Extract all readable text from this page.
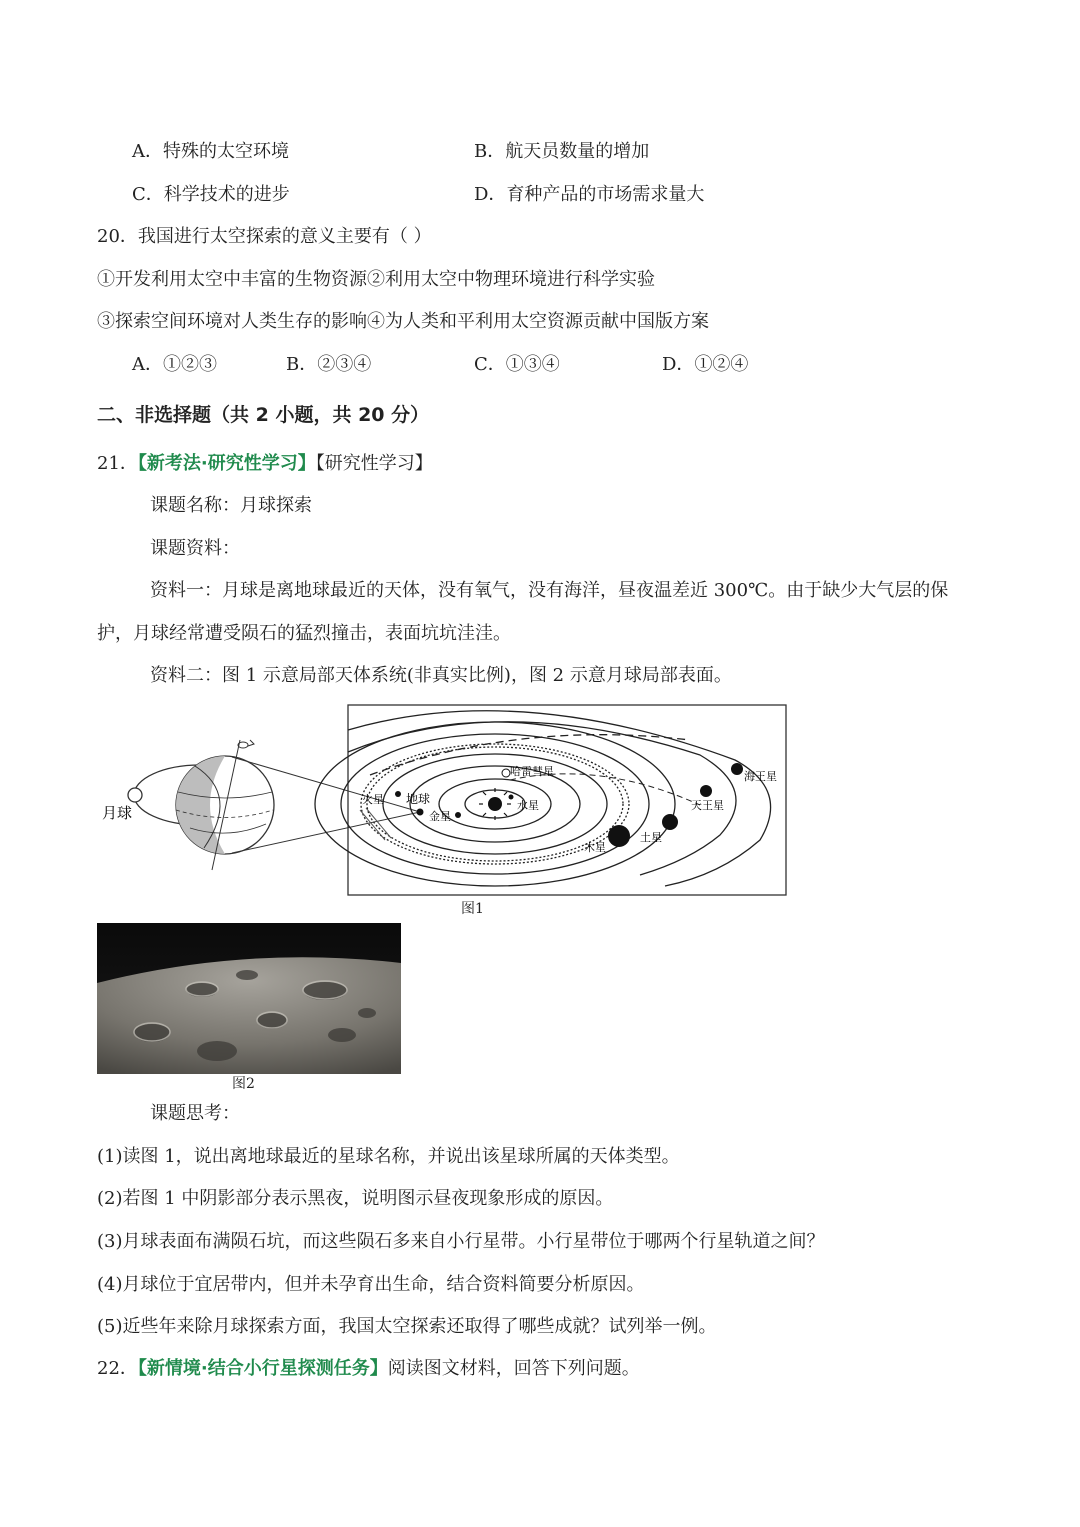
A．特殊的太空环境	B．航天员数量的增加
C．科学技术的进步	D．育种产品的市场需求量大
20．我国进行太空探索的意义主要有（ ）
①开发利用太空中丰富的生物资源②利用太空中物理环境进行科学实验
③探索空间环境对人类生存的影响④为人类和平利用太空资源贡献中国版方案
A．①②③	B．②③④	C．①③④	D．①②④
二、非选择题（共 2 小题，共 20 分）
21．【新考法·研究性学习】【研究性学习】
课题名称：月球探索
课题资料：
资料一：月球是离地球最近的天体，没有氧气，没有海洋，昼夜温差近 300℃。由于缺少大气层的保
护，月球经常遭受陨石的猛烈撞击，表面坑坑洼洼。
资料二：图 1 示意局部天体系统(非真实比例)，图 2 示意月球局部表面。
哈雷彗星
火星 地球
金星
水星
木星
土星
天王星
海王星
月球
图1
图2
课题思考：
(1)读图 1，说出离地球最近的星球名称，并说出该星球所属的天体类型。
(2)若图 1 中阴影部分表示黑夜，说明图示昼夜现象形成的原因。
(3)月球表面布满陨石坑，而这些陨石多来自小行星带。小行星带位于哪两个行星轨道之间？
(4)月球位于宜居带内，但并未孕育出生命，结合资料简要分析原因。
(5)近些年来除月球探索方面，我国太空探索还取得了哪些成就？试列举一例。
22．【新情境·结合小行星探测任务】阅读图文材料，回答下列问题。
